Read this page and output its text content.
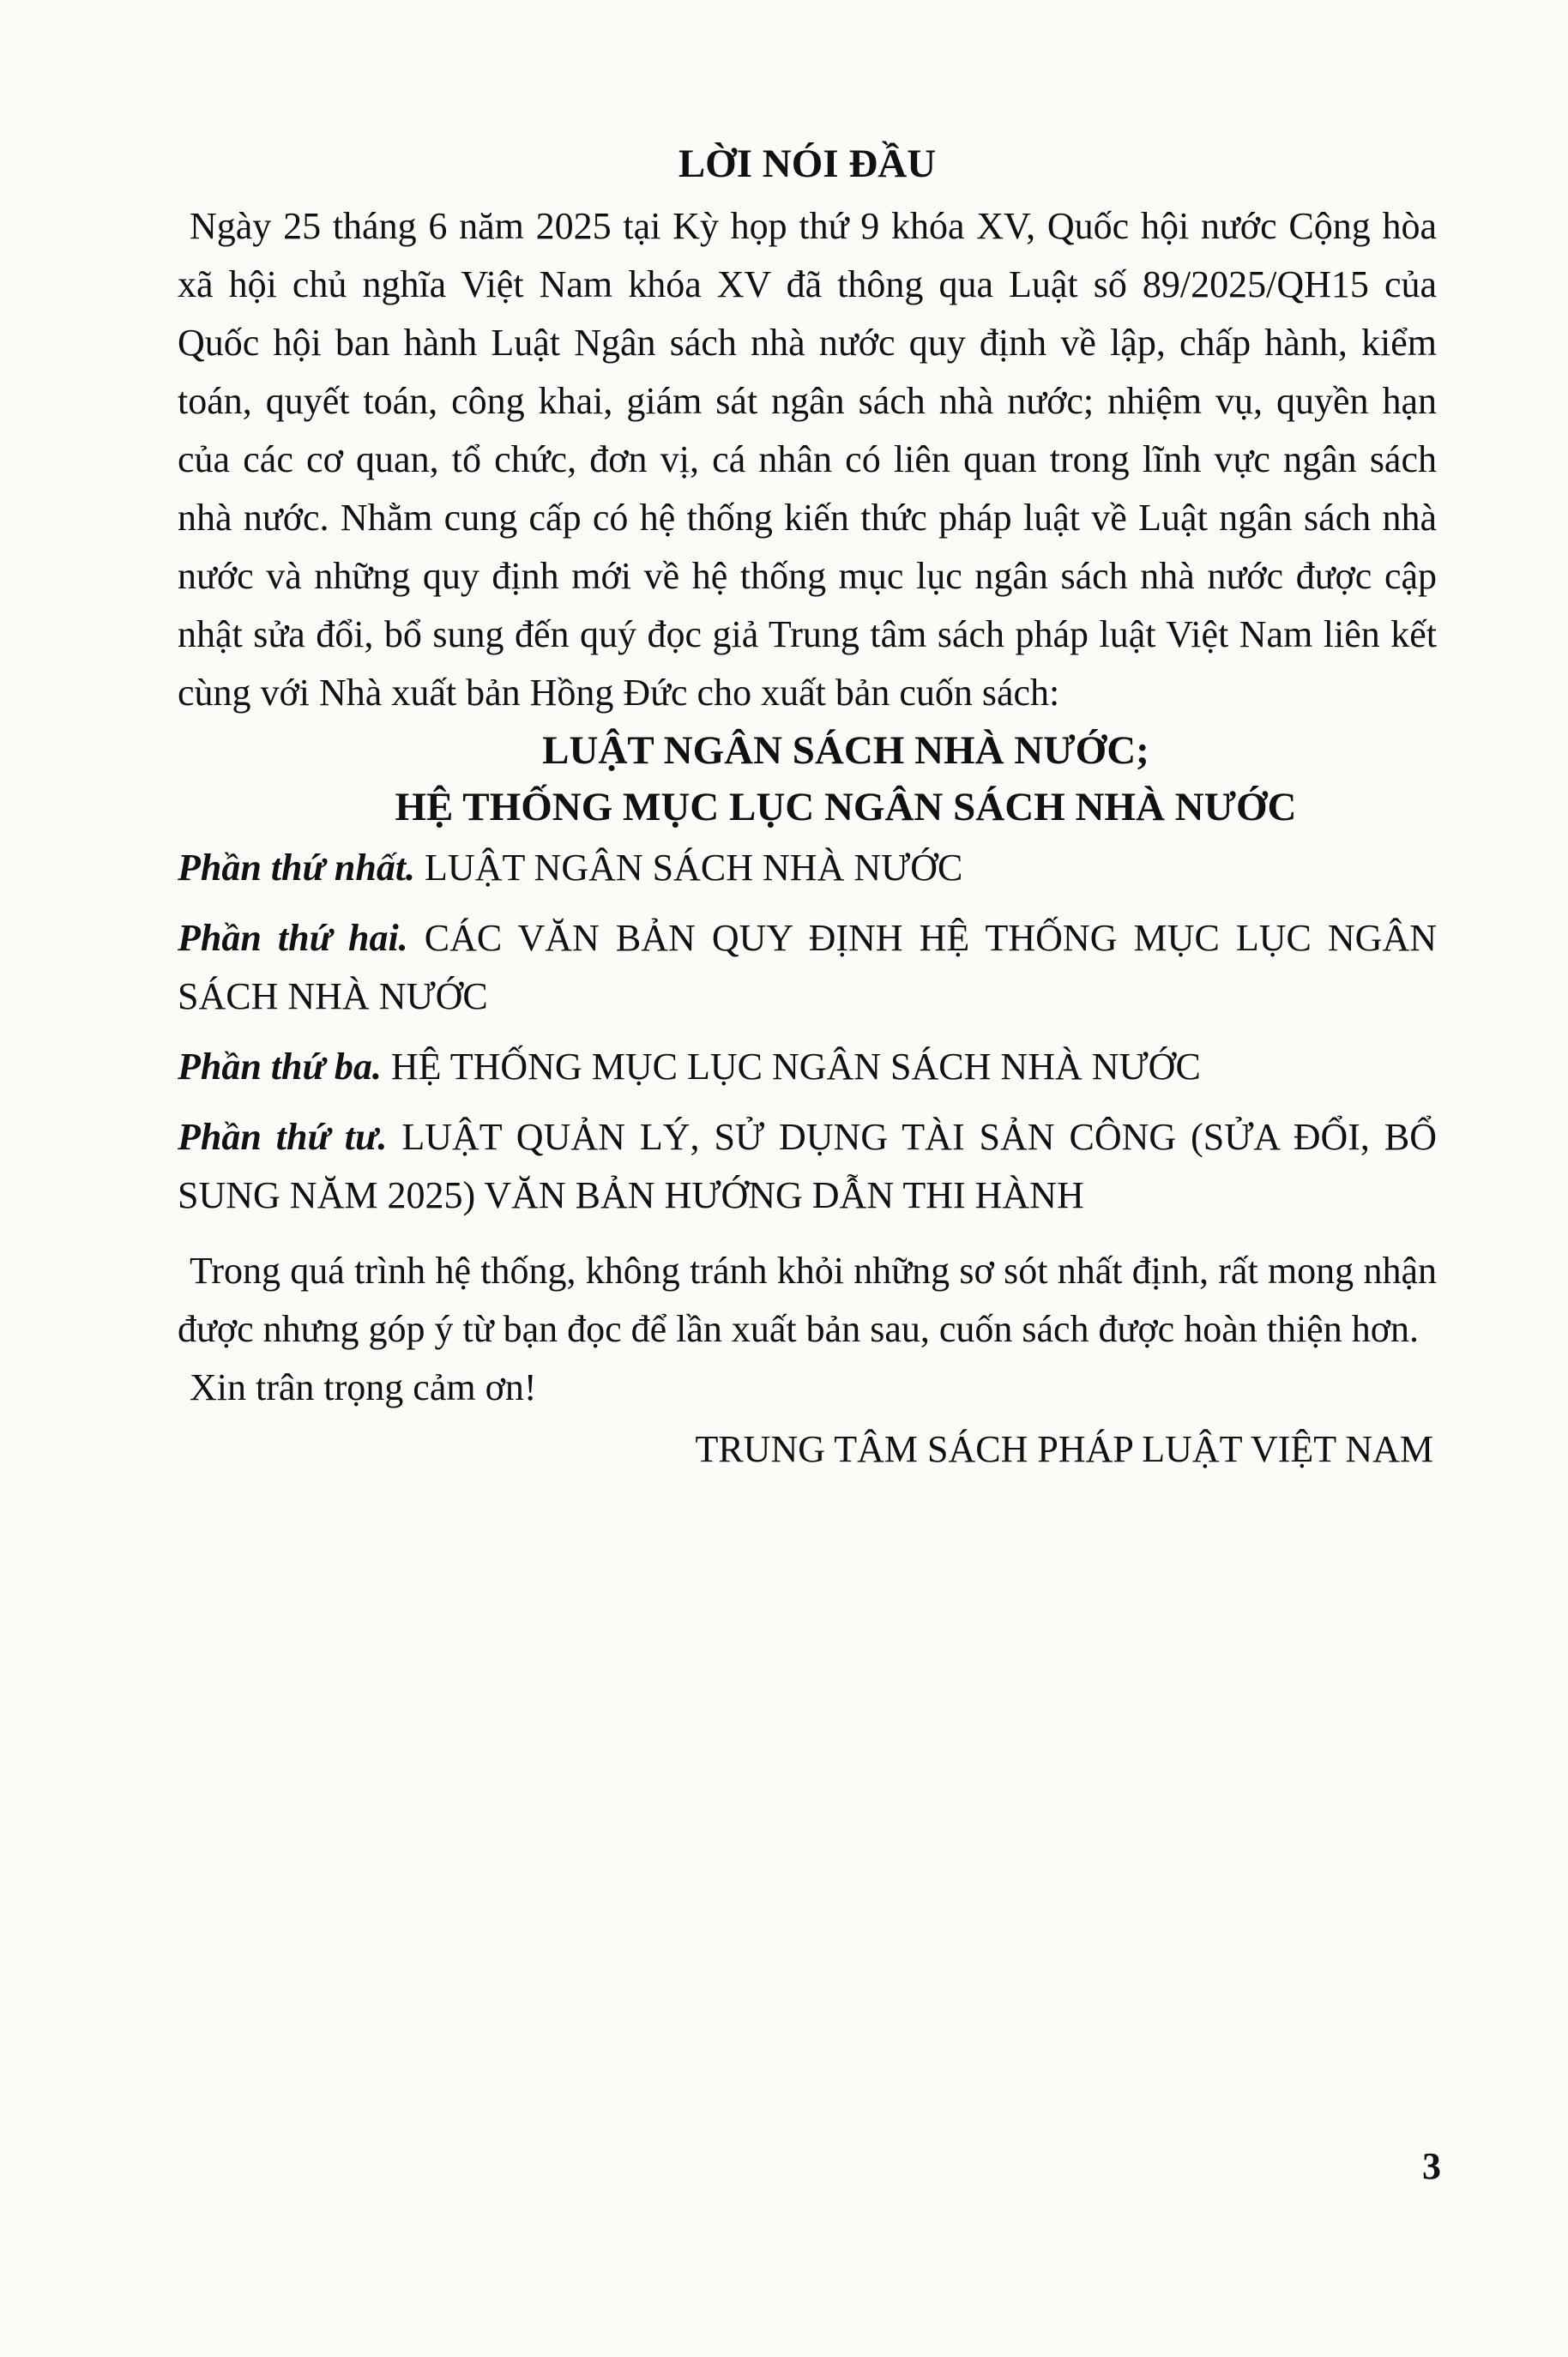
LỜI NÓI ĐẦU

Ngày 25 tháng 6 năm 2025 tại Kỳ họp thứ 9 khóa XV, Quốc hội nước Cộng hòa xã hội chủ nghĩa Việt Nam khóa XV đã thông qua Luật số 89/2025/QH15 của Quốc hội ban hành Luật Ngân sách nhà nước quy định về lập, chấp hành, kiểm toán, quyết toán, công khai, giám sát ngân sách nhà nước; nhiệm vụ, quyền hạn của các cơ quan, tổ chức, đơn vị, cá nhân có liên quan trong lĩnh vực ngân sách nhà nước. Nhằm cung cấp có hệ thống kiến thức pháp luật về Luật ngân sách nhà nước và những quy định mới về hệ thống mục lục ngân sách nhà nước được cập nhật sửa đổi, bổ sung đến quý đọc giả Trung tâm sách pháp luật Việt Nam liên kết cùng với Nhà xuất bản Hồng Đức cho xuất bản cuốn sách:

LUẬT NGÂN SÁCH NHÀ NƯỚC;

HỆ THỐNG MỤC LỤC NGÂN SÁCH NHÀ NƯỚC

Phần thứ nhất. LUẬT NGÂN SÁCH NHÀ NƯỚC

Phần thứ hai. CÁC VĂN BẢN QUY ĐỊNH HỆ THỐNG MỤC LỤC NGÂN SÁCH NHÀ NƯỚC

Phần thứ ba. HỆ THỐNG MỤC LỤC NGÂN SÁCH NHÀ NƯỚC

Phần thứ tư. LUẬT QUẢN LÝ, SỬ DỤNG TÀI SẢN CÔNG (SỬA ĐỔI, BỔ SUNG NĂM 2025) VĂN BẢN HƯỚNG DẪN THI HÀNH

Trong quá trình hệ thống, không tránh khỏi những sơ sót nhất định, rất mong nhận được nhưng góp ý từ bạn đọc để lần xuất bản sau, cuốn sách được hoàn thiện hơn.

Xin trân trọng cảm ơn!

TRUNG TÂM SÁCH PHÁP LUẬT VIỆT NAM

3
